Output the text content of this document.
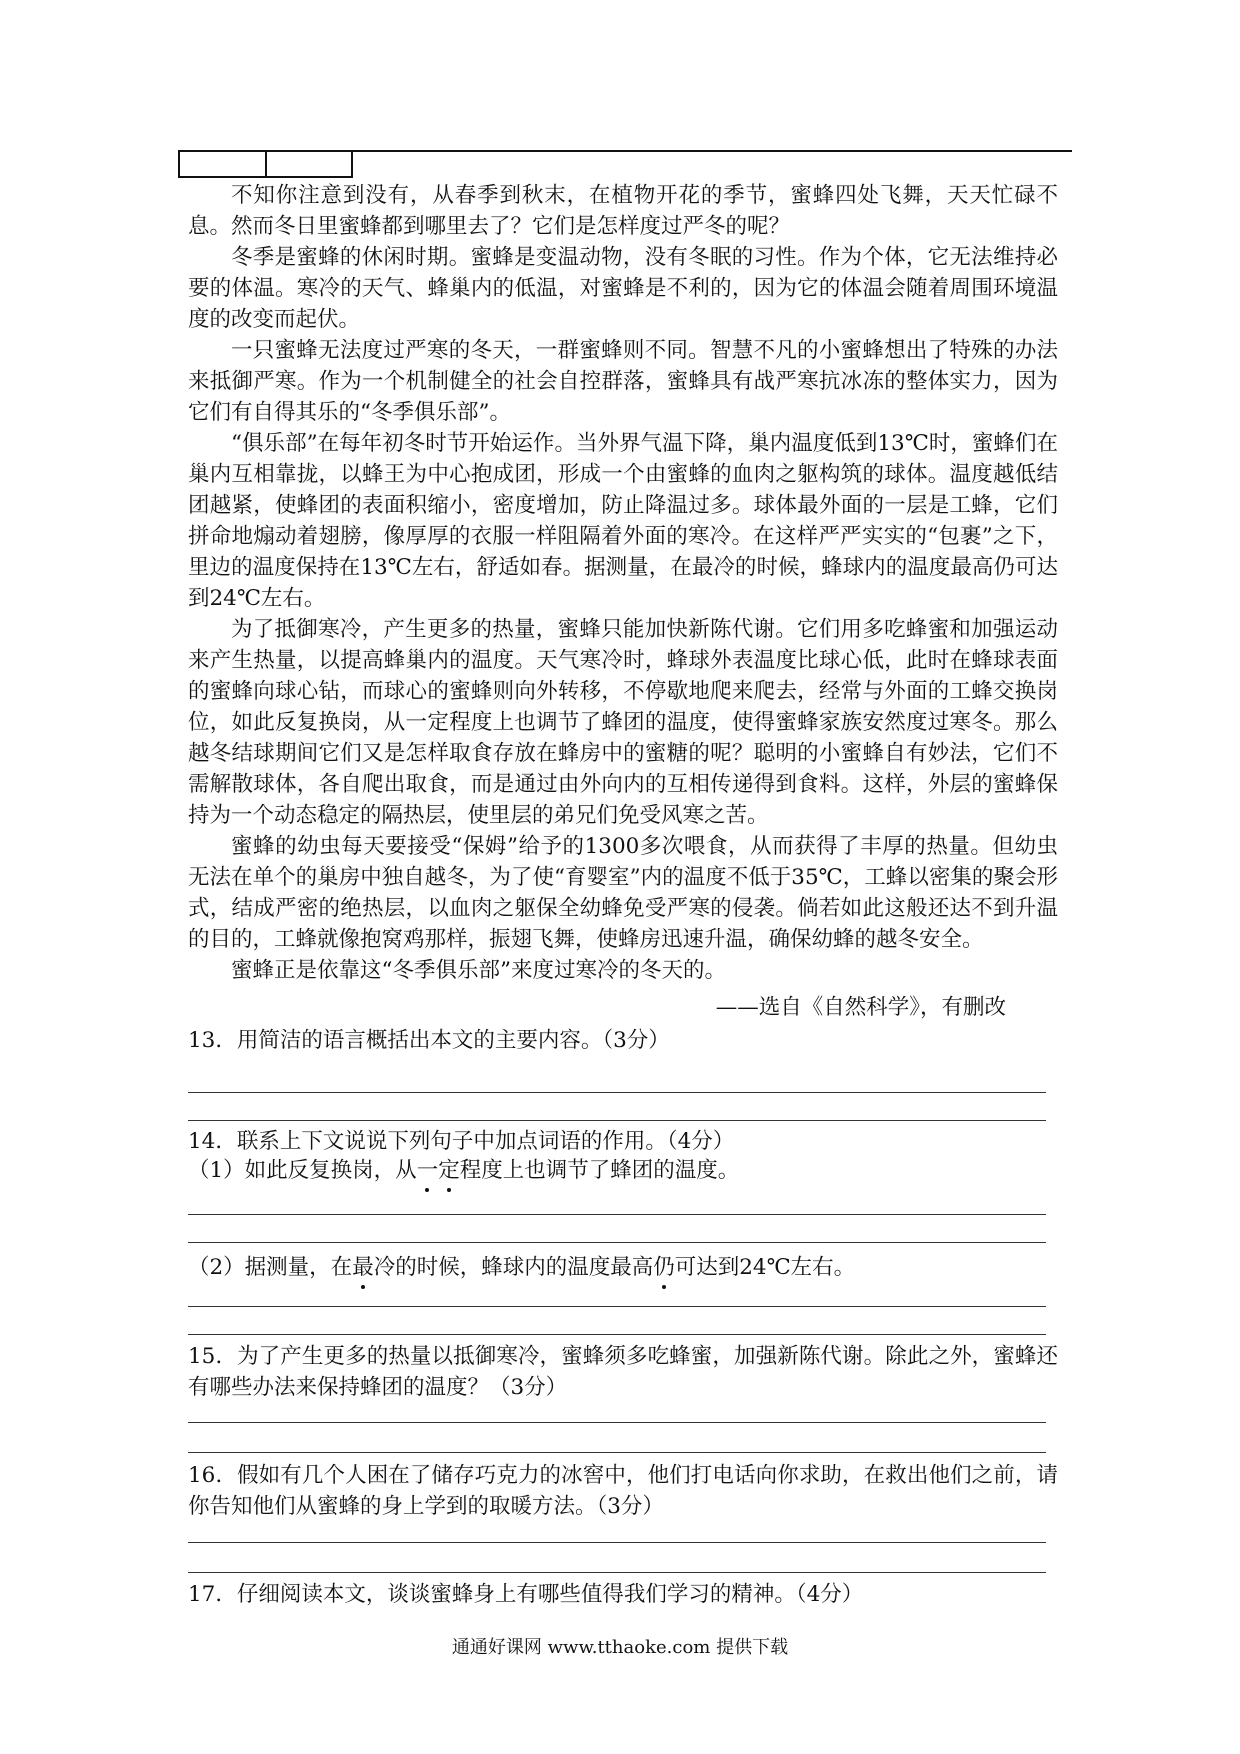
不知你注意到没有，从春季到秋末，在植物开花的季节，蜜蜂四处飞舞，天天忙碌不息。然而冬日里蜜蜂都到哪里去了？它们是怎样度过严冬的呢？

冬季是蜜蜂的休闲时期。蜜蜂是变温动物，没有冬眠的习性。作为个体，它无法维持必要的体温。寒冷的天气、蜂巢内的低温，对蜜蜂是不利的，因为它的体温会随着周围环境温度的改变而起伏。

一只蜜蜂无法度过严寒的冬天，一群蜜蜂则不同。智慧不凡的小蜜蜂想出了特殊的办法来抵御严寒。作为一个机制健全的社会自控群落，蜜蜂具有战严寒抗冰冻的整体实力，因为它们有自得其乐的“冬季俱乐部”。

“俱乐部”在每年初冬时节开始运作。当外界气温下降，巢内温度低到13℃时，蜜蜂们在巢内互相靠拢，以蜂王为中心抱成团，形成一个由蜜蜂的血肉之躯构筑的球体。温度越低结团越紧，使蜂团的表面积缩小，密度增加，防止降温过多。球体最外面的一层是工蜂，它们拼命地煽动着翅膀，像厚厚的衣服一样阻隔着外面的寒冷。在这样严严实实的“包裹”之下，里边的温度保持在13℃左右，舒适如春。据测量，在最冷的时候，蜂球内的温度最高仍可达到24℃左右。

为了抵御寒冷，产生更多的热量，蜜蜂只能加快新陈代谢。它们用多吃蜂蜜和加强运动来产生热量，以提高蜂巢内的温度。天气寒冷时，蜂球外表温度比球心低，此时在蜂球表面的蜜蜂向球心钻，而球心的蜜蜂则向外转移，不停歇地爬来爬去，经常与外面的工蜂交换岗位，如此反复换岗，从一定程度上也调节了蜂团的温度，使得蜜蜂家族安然度过寒冬。那么越冬结球期间它们又是怎样取食存放在蜂房中的蜜糖的呢？聪明的小蜜蜂自有妙法，它们不需解散球体，各自爬出取食，而是通过由外向内的互相传递得到食料。这样，外层的蜜蜂保持为一个动态稳定的隔热层，使里层的弟兄们免受风寒之苦。

蜜蜂的幼虫每天要接受“保姆”给予的1300多次喂食，从而获得了丰厚的热量。但幼虫无法在单个的巢房中独自越冬，为了使“育婴室”内的温度不低于35℃，工蜂以密集的聚会形式，结成严密的绝热层，以血肉之躯保全幼蜂免受严寒的侵袭。倘若如此这般还达不到升温的目的，工蜂就像抱窝鸡那样，振翅飞舞，使蜂房迅速升温，确保幼蜂的越冬安全。

蜜蜂正是依靠这“冬季俱乐部”来度过寒冷的冬天的。

——选自《自然科学》，有删改
13．用简洁的语言概括出本文的主要内容。（3分）
14．联系上下文说说下列句子中加点词语的作用。（4分）
（1）如此反复换岗，从一定程度上也调节了蜂团的温度。
（2）据测量，在最冷的时候，蜂球内的温度最高仍可达到24℃左右。
15．为了产生更多的热量以抵御寒冷，蜜蜂须多吃蜂蜜，加强新陈代谢。除此之外，蜜蜂还有哪些办法来保持蜂团的温度？（3分）
16．假如有几个人困在了储存巧克力的冰窖中，他们打电话向你求助，在救出他们之前，请你告知他们从蜜蜂的身上学到的取暖方法。（3分）
17．仔细阅读本文，谈谈蜜蜂身上有哪些值得我们学习的精神。（4分）
通通好课网 www.tthaoke.com 提供下载
